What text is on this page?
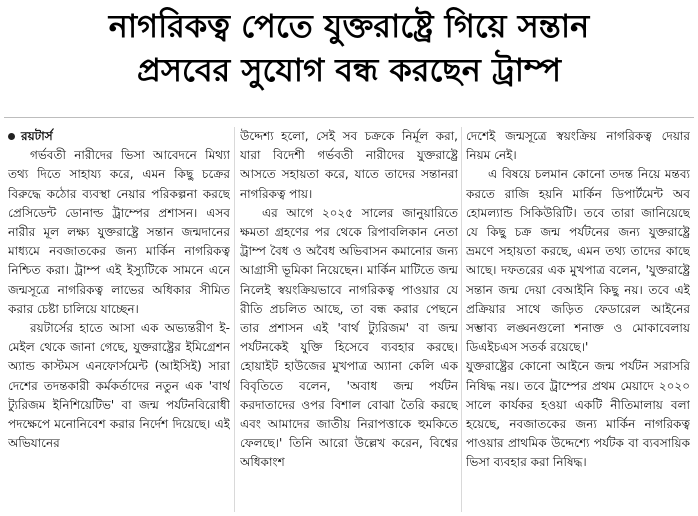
নাগরিকত্ব পেতে যুক্তরাষ্ট্রে গিয়ে সন্তান
প্রসবের সুযোগ বন্ধ করছেন ট্রাম্প
রয়টার্স

গর্ভবতী নারীদের ভিসা আবেদনে মিথ্যা তথ্য দিতে সাহায্য করে, এমন কিছু চক্রের বিরুদ্ধে কঠোর ব্যবস্থা নেয়ার পরিকল্পনা করছে প্রেসিডেন্ট ডোনাল্ড ট্রাম্পের প্রশাসন। এসব নারীর মূল লক্ষ্য যুক্তরাষ্ট্রে সন্তান জন্মদানের মাধ্যমে নবজাতকের জন্য মার্কিন নাগরিকত্ব নিশ্চিত করা। ট্রাম্প এই ইস্যুটিকে সামনে এনে জন্মসূত্রে নাগরিকত্ব লাভের অধিকার সীমিত করার চেষ্টা চালিয়ে যাচ্ছেন।

রয়টার্সের হাতে আসা এক অভ্যন্তরীণ ই-মেইল থেকে জানা গেছে, যুক্তরাষ্ট্রের ইমিগ্রেশন অ্যান্ড কাস্টমস এনফোর্সমেন্ট (আইসিই) সারা দেশের তদন্তকারী কর্মকর্তাদের নতুন এক 'বার্থ ট্যুরিজম ইনিশিয়েটিভ' বা জন্ম পর্যটনবিরোধী পদক্ষেপে মনোনিবেশ করার নির্দেশ দিয়েছে। এই অভিযানের

উদ্দেশ্য হলো, সেই সব চক্রকে নির্মূল করা, যারা বিদেশী গর্ভবতী নারীদের যুক্তরাষ্ট্রে আসতে সহায়তা করে, যাতে তাদের সন্তানরা নাগরিকত্ব পায়।

এর আগে ২০২৫ সালের জানুয়ারিতে ক্ষমতা গ্রহণের পর থেকে রিপাবলিকান নেতা ট্রাম্প বৈধ ও অবৈধ অভিবাসন কমানোর জন্য আগ্রাসী ভূমিকা নিয়েছেন। মার্কিন মাটিতে জন্ম নিলেই স্বয়ংক্রিয়ভাবে নাগরিকত্ব পাওয়ার যে রীতি প্রচলিত আছে, তা বন্ধ করার পেছনে তার প্রশাসন এই 'বার্থ ট্যুরিজম' বা জন্ম পর্যটনকেই যুক্তি হিসেবে ব্যবহার করছে। হোয়াইট হাউজের মুখপাত্র অ্যানা কেলি এক বিবৃতিতে বলেন, 'অবাধ জন্ম পর্যটন করদাতাদের ওপর বিশাল বোঝা তৈরি করছে এবং আমাদের জাতীয় নিরাপত্তাকে হুমকিতে ফেলছে।' তিনি আরো উল্লেখ করেন, বিশ্বের অধিকাংশ

দেশেই জন্মসূত্রে স্বয়ংক্রিয় নাগরিকত্ব দেয়ার নিয়ম নেই।

এ বিষয়ে চলমান কোনো তদন্ত নিয়ে মন্তব্য করতে রাজি হয়নি মার্কিন ডিপার্টমেন্ট অব হোমল্যান্ড সিকিউরিটি। তবে তারা জানিয়েছে যে কিছু চক্র জন্ম পর্যটনের জন্য যুক্তরাষ্ট্রে ভ্রমণে সহায়তা করছে, এমন তথ্য তাদের কাছে আছে। দফতরের এক মুখপাত্র বলেন, 'যুক্তরাষ্ট্রে সন্তান জন্ম দেয়া বেআইনি কিছু নয়। তবে এই প্রক্রিয়ার সাথে জড়িত ফেডারেল আইনের সম্ভাব্য লঙ্ঘনগুলো শনাক্ত ও মোকাবেলায় ডিএইচএস সতর্ক রয়েছে।'

যুক্তরাষ্ট্রের কোনো আইনে জন্ম পর্যটন সরাসরি নিষিদ্ধ নয়। তবে ট্রাম্পের প্রথম মেয়াদে ২০২০ সালে কার্যকর হওয়া একটি নীতিমালায় বলা হয়েছে, নবজাতকের জন্য মার্কিন নাগরিকত্ব পাওয়ার প্রাথমিক উদ্দেশ্যে পর্যটক বা ব্যবসায়িক ভিসা ব্যবহার করা নিষিদ্ধ।
